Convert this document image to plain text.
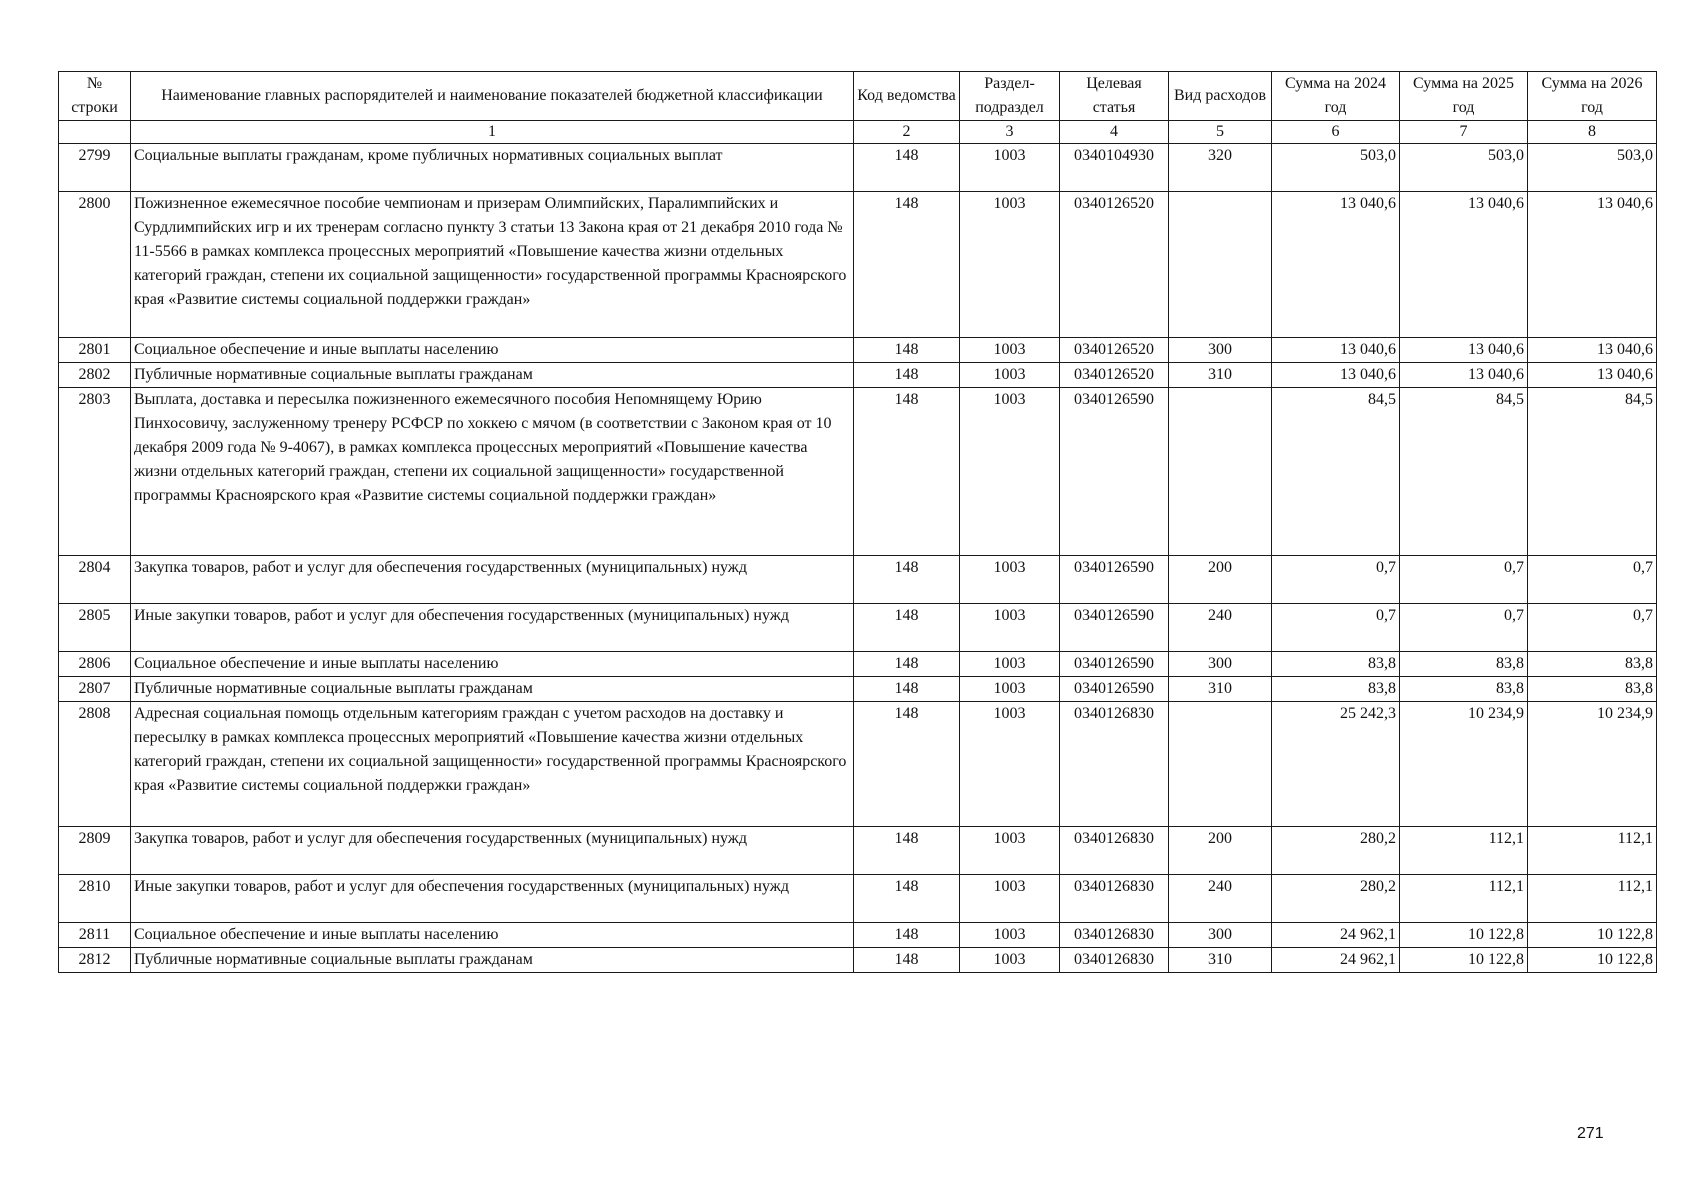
№ строки	Наименование главных распорядителей и наименование показателей бюджетной классификации	Код ведомства	Раздел-подраздел	Целевая статья	Вид расходов	Сумма на 2024 год	Сумма на 2025 год	Сумма на 2026 год
	1	2	3	4	5	6	7	8
2799	Социальные выплаты гражданам, кроме публичных нормативных социальных выплат	148	1003	0340104930	320	503,0	503,0	503,0
2800	Пожизненное ежемесячное пособие чемпионам и призерам Олимпийских, Паралимпийских и Сурдлимпийских игр и их тренерам согласно пункту 3 статьи 13 Закона края от 21 декабря 2010 года № 11-5566 в рамках комплекса процессных мероприятий «Повышение качества жизни отдельных категорий граждан, степени их социальной защищенности» государственной программы Красноярского края «Развитие системы социальной поддержки граждан»	148	1003	0340126520		13 040,6	13 040,6	13 040,6
2801	Социальное обеспечение и иные выплаты населению	148	1003	0340126520	300	13 040,6	13 040,6	13 040,6
2802	Публичные нормативные социальные выплаты гражданам	148	1003	0340126520	310	13 040,6	13 040,6	13 040,6
2803	Выплата, доставка и пересылка пожизненного ежемесячного пособия Непомнящему Юрию Пинхосовичу, заслуженному тренеру РСФСР по хоккею с мячом (в соответствии с Законом края от 10 декабря 2009 года № 9-4067), в рамках комплекса процессных мероприятий «Повышение качества жизни отдельных категорий граждан, степени их социальной защищенности» государственной программы Красноярского края «Развитие системы социальной поддержки граждан»	148	1003	0340126590		84,5	84,5	84,5
2804	Закупка товаров, работ и услуг для обеспечения государственных (муниципальных) нужд	148	1003	0340126590	200	0,7	0,7	0,7
2805	Иные закупки товаров, работ и услуг для обеспечения государственных (муниципальных) нужд	148	1003	0340126590	240	0,7	0,7	0,7
2806	Социальное обеспечение и иные выплаты населению	148	1003	0340126590	300	83,8	83,8	83,8
2807	Публичные нормативные социальные выплаты гражданам	148	1003	0340126590	310	83,8	83,8	83,8
2808	Адресная социальная помощь отдельным категориям граждан с учетом расходов на доставку и пересылку в рамках комплекса процессных мероприятий «Повышение качества жизни отдельных категорий граждан, степени их социальной защищенности» государственной программы Красноярского края «Развитие системы социальной поддержки граждан»	148	1003	0340126830		25 242,3	10 234,9	10 234,9
2809	Закупка товаров, работ и услуг для обеспечения государственных (муниципальных) нужд	148	1003	0340126830	200	280,2	112,1	112,1
2810	Иные закупки товаров, работ и услуг для обеспечения государственных (муниципальных) нужд	148	1003	0340126830	240	280,2	112,1	112,1
2811	Социальное обеспечение и иные выплаты населению	148	1003	0340126830	300	24 962,1	10 122,8	10 122,8
2812	Публичные нормативные социальные выплаты гражданам	148	1003	0340126830	310	24 962,1	10 122,8	10 122,8
271
